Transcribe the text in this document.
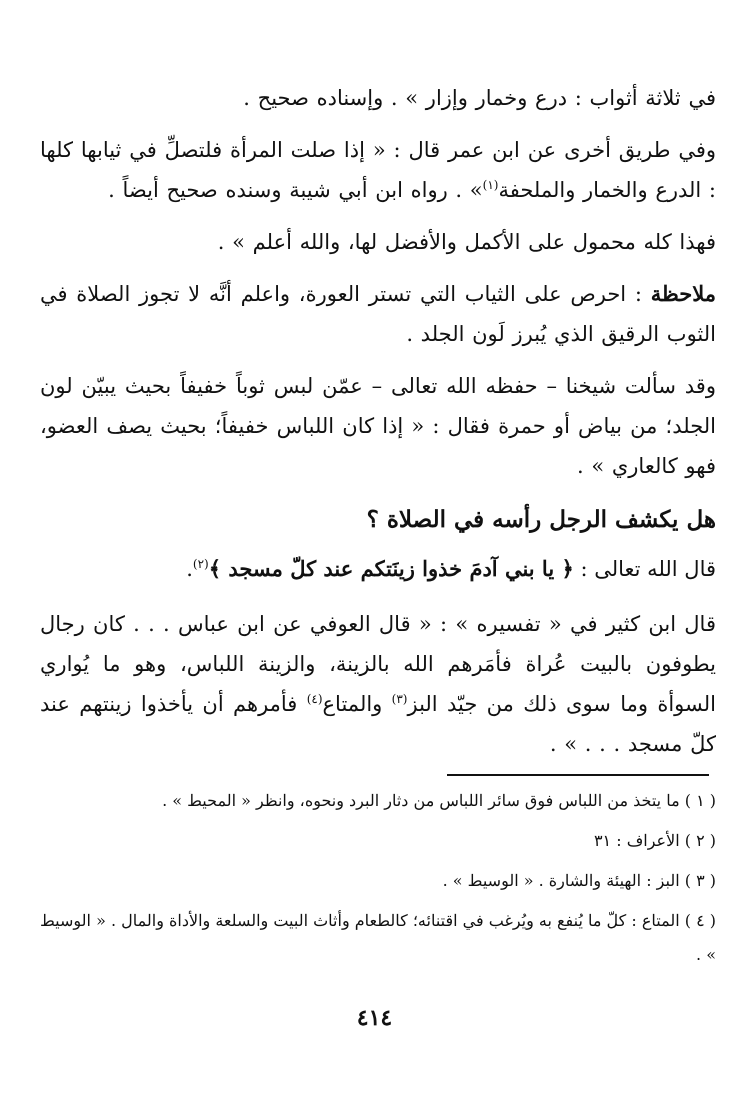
في ثلاثة أثواب : درع وخمار وإزار » . وإسناده صحيح .

وفي طريق أخرى عن ابن عمر قال : « إذا صلت المرأة فلتصلِّ في ثيابها كلها : الدرع والخمار والملحفة$^{(١)}$» . رواه ابن أبي شيبة وسنده صحيح أيضاً .

فهذا كله محمول على الأكمل والأفضل لها، والله أعلم » .

ملاحظة : احرص على الثياب التي تستر العورة، واعلم أنَّه لا تجوز الصلاة في الثوب الرقيق الذي يُبرز لَون الجلد .

وقد سألت شيخنا – حفظه الله تعالى – عمّن لبس ثوباً خفيفاً بحيث يبيّن لون الجلد؛ من بياض أو حمرة فقال : « إذا كان اللباس خفيفاً؛ بحيث يصف العضو، فهو كالعاري » .

هل يكشف الرجل رأسه في الصلاة ؟

قال الله تعالى : ﴿ يا بني آدمَ خذوا زينَتكم عند كلّ مسجد ﴾$^{(٢)}$.

قال ابن كثير في « تفسيره » : « قال العوفي عن ابن عباس . . . كان رجال يطوفون بالبيت عُراة فأمَرهم الله بالزينة، والزينة اللباس، وهو ما يُواري السوأة وما سوى ذلك من جيّد البز$^{(٣)}$ والمتاع$^{(٤)}$ فأمرهم أن يأخذوا زينتهم عند كلّ مسجد . . . » .

( ١ ) ما يتخذ من اللباس فوق سائر اللباس من دثار البرد ونحوه، وانظر « المحيط » .

( ٢ ) الأعراف : ٣١

( ٣ ) البز : الهيئة والشارة . « الوسيط » .

( ٤ ) المتاع : كلّ ما يُنفع به ويُرغب في اقتنائه؛ كالطعام وأثاث البيت والسلعة والأداة والمال . « الوسيط » .

٤١٤
